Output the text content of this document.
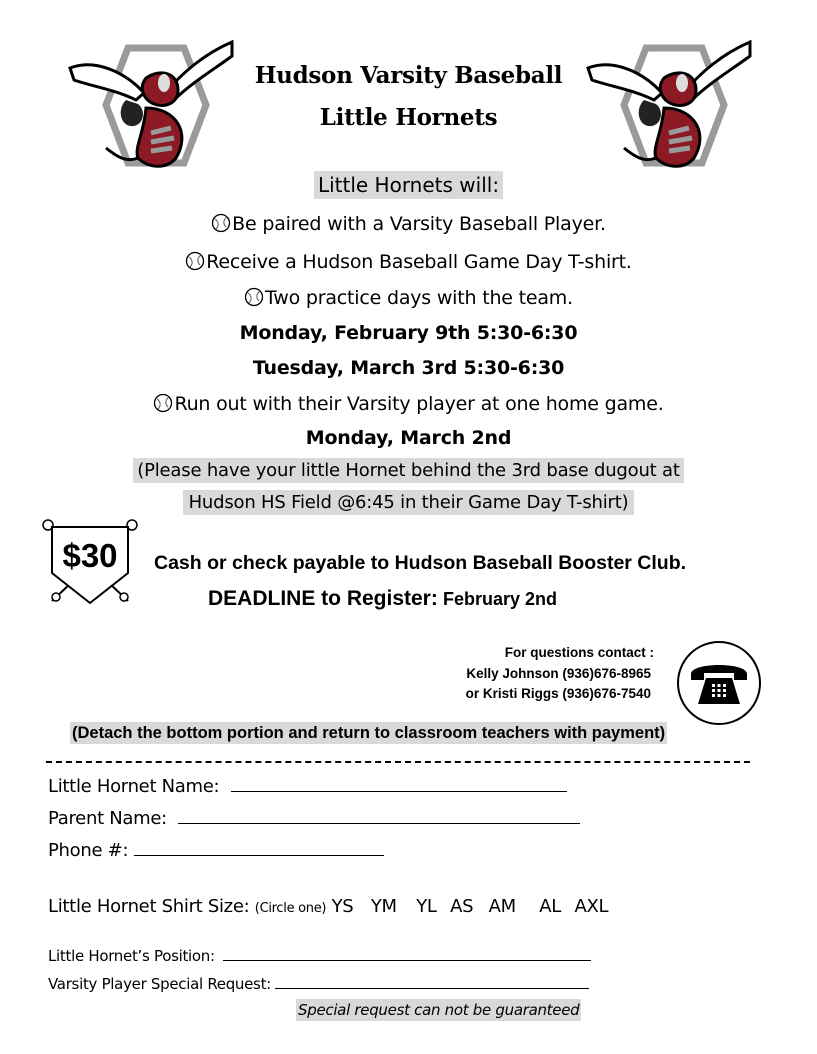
Hudson Varsity Baseball
Little Hornets
Little Hornets will:
Be paired with a Varsity Baseball Player.
Receive a Hudson Baseball Game Day T-shirt.
Two practice days with the team.
Monday, February 9th 5:30-6:30
Tuesday, March 3rd 5:30-6:30
Run out with their Varsity player at one home game.
Monday, March 2nd
(Please have your little Hornet behind the 3rd base dugout at
Hudson HS Field @6:45 in their Game Day T-shirt)
$30	Cash or check payable to Hudson Baseball Booster Club.
DEADLINE to Register: February 2nd
For questions contact :
Kelly Johnson (936)676-8965
or Kristi Riggs (936)676-7540
(Detach the bottom portion and return to classroom teachers with payment)
Little Hornet Name:
Parent Name:
Phone #:
Little Hornet Shirt Size: (Circle one) YS YM YL AS AM AL AXL
Little Hornet’s Position:
Varsity Player Special Request:
Special request can not be guaranteed
